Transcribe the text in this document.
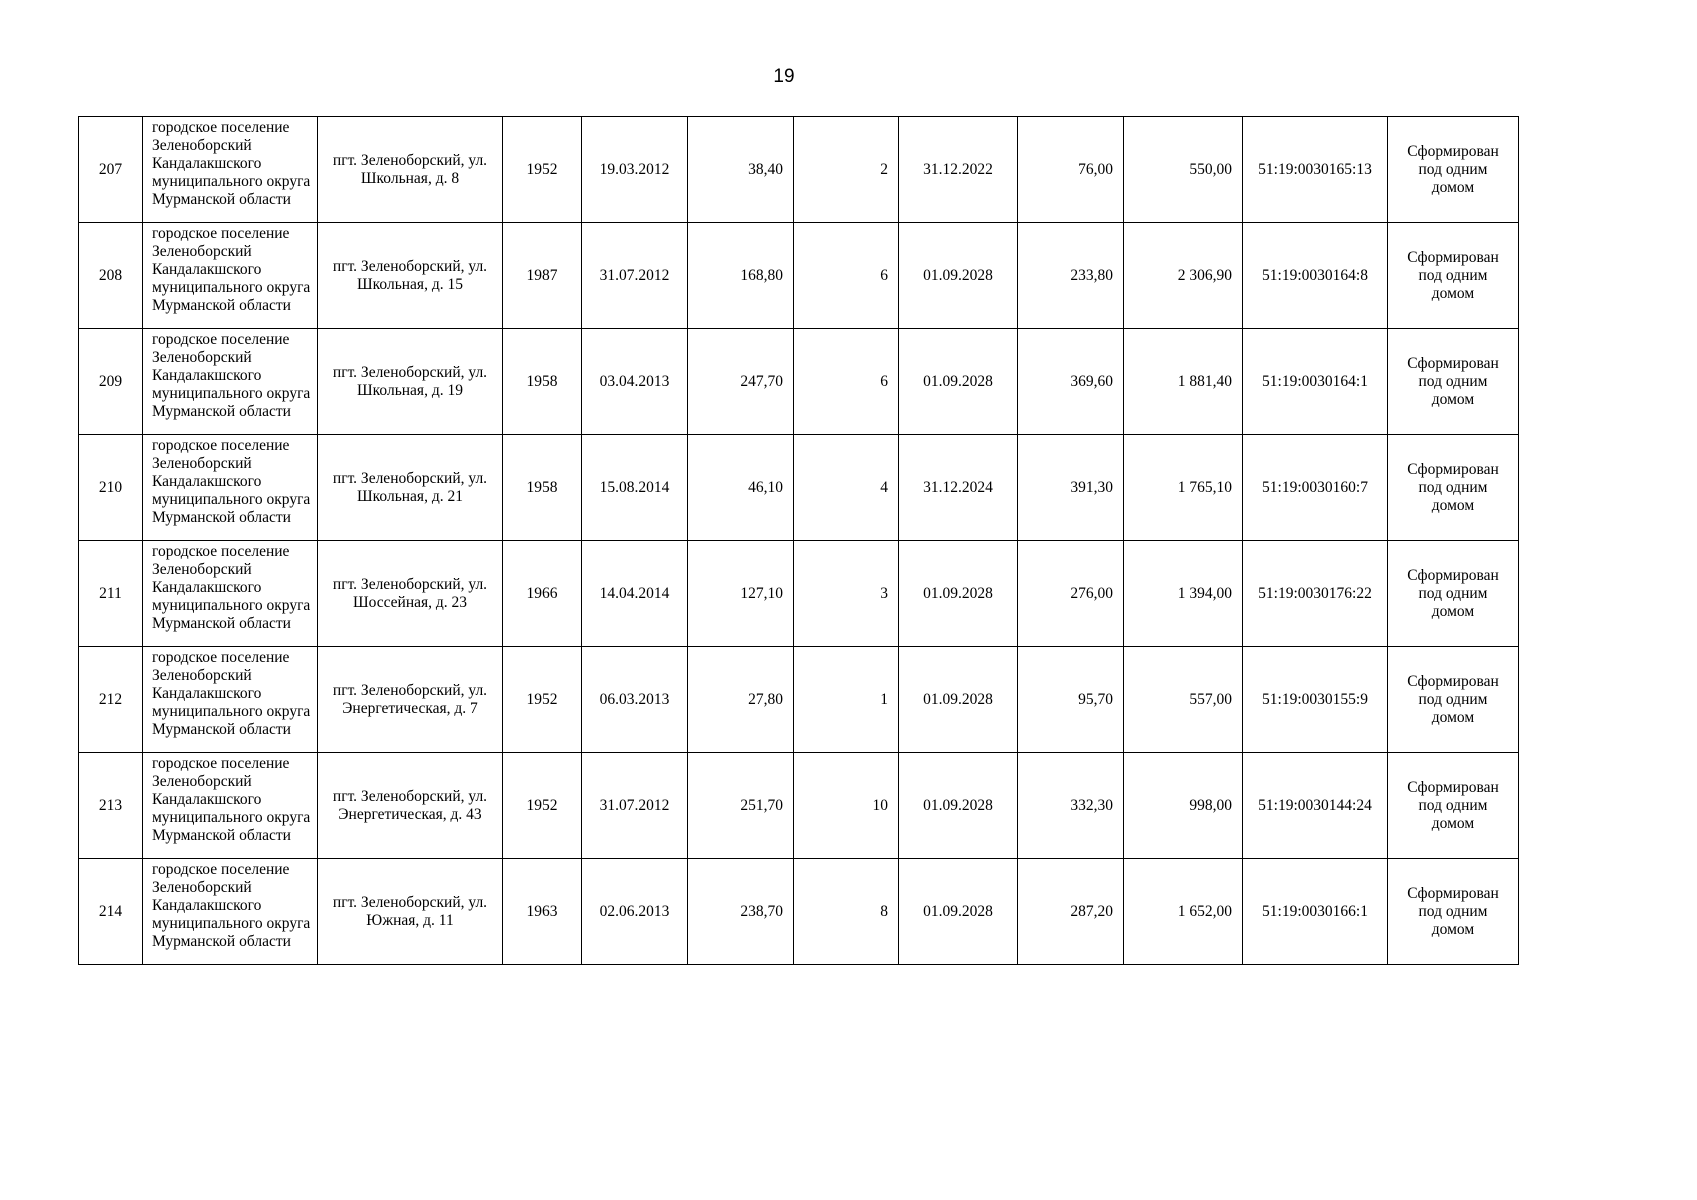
19
207	городское поселение Зеленоборский Кандалакшского муниципального округа Мурманской области	пгт. Зеленоборский, ул. Школьная, д. 8	1952	19.03.2012	38,40	2	31.12.2022	76,00	550,00	51:19:0030165:13	Сформирован под одним домом
208	городское поселение Зеленоборский Кандалакшского муниципального округа Мурманской области	пгт. Зеленоборский, ул. Школьная, д. 15	1987	31.07.2012	168,80	6	01.09.2028	233,80	2 306,90	51:19:0030164:8	Сформирован под одним домом
209	городское поселение Зеленоборский Кандалакшского муниципального округа Мурманской области	пгт. Зеленоборский, ул. Школьная, д. 19	1958	03.04.2013	247,70	6	01.09.2028	369,60	1 881,40	51:19:0030164:1	Сформирован под одним домом
210	городское поселение Зеленоборский Кандалакшского муниципального округа Мурманской области	пгт. Зеленоборский, ул. Школьная, д. 21	1958	15.08.2014	46,10	4	31.12.2024	391,30	1 765,10	51:19:0030160:7	Сформирован под одним домом
211	городское поселение Зеленоборский Кандалакшского муниципального округа Мурманской области	пгт. Зеленоборский, ул. Шоссейная, д. 23	1966	14.04.2014	127,10	3	01.09.2028	276,00	1 394,00	51:19:0030176:22	Сформирован под одним домом
212	городское поселение Зеленоборский Кандалакшского муниципального округа Мурманской области	пгт. Зеленоборский, ул. Энергетическая, д. 7	1952	06.03.2013	27,80	1	01.09.2028	95,70	557,00	51:19:0030155:9	Сформирован под одним домом
213	городское поселение Зеленоборский Кандалакшского муниципального округа Мурманской области	пгт. Зеленоборский, ул. Энергетическая, д. 43	1952	31.07.2012	251,70	10	01.09.2028	332,30	998,00	51:19:0030144:24	Сформирован под одним домом
214	городское поселение Зеленоборский Кандалакшского муниципального округа Мурманской области	пгт. Зеленоборский, ул. Южная, д. 11	1963	02.06.2013	238,70	8	01.09.2028	287,20	1 652,00	51:19:0030166:1	Сформирован под одним домом
